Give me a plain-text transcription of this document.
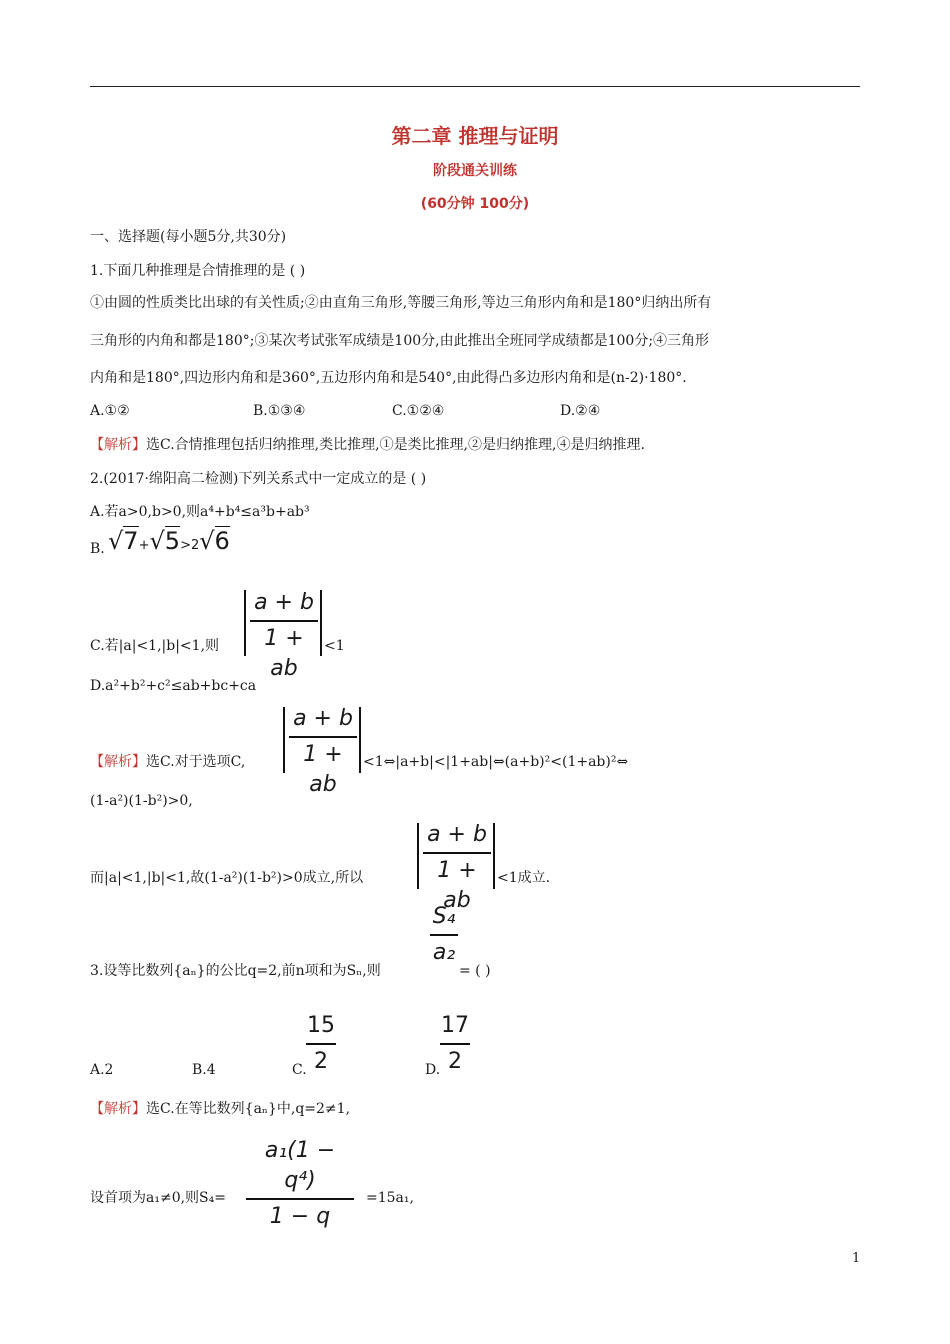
第二章 推理与证明
阶段通关训练
(60分钟 100分)
一、选择题(每小题5分,共30分)
1.下面几种推理是合情推理的是 ( )
①由圆的性质类比出球的有关性质;②由直角三角形,等腰三角形,等边三角形内角和是180°归纳出所有
三角形的内角和都是180°;③某次考试张军成绩是100分,由此推出全班同学成绩都是100分;④三角形
内角和是180°,四边形内角和是360°,五边形内角和是540°,由此得凸多边形内角和是(n-2)·180°.
A.①②	B.①③④	C.①②④	D.②④
【解析】选C.合情推理包括归纳推理,类比推理,①是类比推理,②是归纳推理,④是归纳推理.
2.(2017·绵阳高二检测)下列关系式中一定成立的是 ( )
A.若a>0,b>0,则a⁴+b⁴≤a³b+ab³
B. √7+√5>2√6
C.若|a|<1,|b|<1,则
a + b
1 + ab
<1
D.a²+b²+c²≤ab+bc+ca
【解析】选C.对于选项C,
a + b
1 + ab
<1⇔|a+b|<|1+ab|⇔(a+b)²<(1+ab)²⇔
(1-a²)(1-b²)>0,
而|a|<1,|b|<1,故(1-a²)(1-b²)>0成立,所以
a + b
1 + ab
<1成立.
3.设等比数列{aₙ}的公比q=2,前n项和为Sₙ,则
S₄
a₂
= ( )
A.2	B.4	C.
15
2	D.
17
2
【解析】选C.在等比数列{aₙ}中,q=2≠1,
设首项为a₁≠0,则S₄=
a₁(1 − q⁴)
1 − q
=15a₁,
1
